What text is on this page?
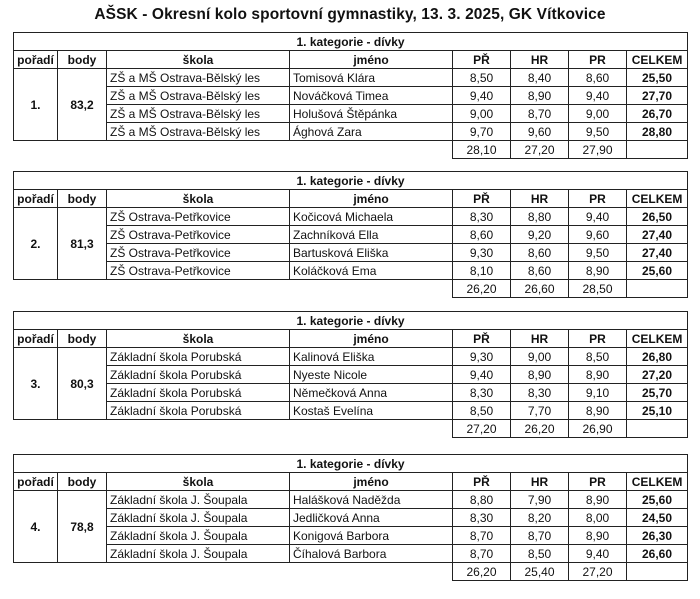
AŠSK - Okresní kolo sportovní gymnastiky, 13. 3. 2025, GK Vítkovice
1. kategorie - dívky							
pořadí	body	škola	jméno	PŘ	HR	PR	CELKEM
1.	83,2	ZŠ a MŠ Ostrava-Bělský les	Tomisová Klára	8,50	8,40	8,60	25,50
		ZŠ a MŠ Ostrava-Bělský les	Nováčková Timea	9,40	8,90	9,40	27,70
		ZŠ a MŠ Ostrava-Bělský les	Holušová Štěpánka	9,00	8,70	9,00	26,70
		ZŠ a MŠ Ostrava-Bělský les	Ághová Zara	9,70	9,60	9,50	28,80
				28,10	27,20	27,90	
1. kategorie - dívky							
pořadí	body	škola	jméno	PŘ	HR	PR	CELKEM
2.	81,3	ZŠ Ostrava-Petřkovice	Kočicová Michaela	8,30	8,80	9,40	26,50
		ZŠ Ostrava-Petřkovice	Zachníková Ella	8,60	9,20	9,60	27,40
		ZŠ Ostrava-Petřkovice	Bartusková Eliška	9,30	8,60	9,50	27,40
		ZŠ Ostrava-Petřkovice	Koláčková Ema	8,10	8,60	8,90	25,60
				26,20	26,60	28,50	
1. kategorie - dívky							
pořadí	body	škola	jméno	PŘ	HR	PR	CELKEM
3.	80,3	Základní škola Porubská	Kalinová Eliška	9,30	9,00	8,50	26,80
		Základní škola Porubská	Nyeste Nicole	9,40	8,90	8,90	27,20
		Základní škola Porubská	Němečková Anna	8,30	8,30	9,10	25,70
		Základní škola Porubská	Kostaš Evelína	8,50	7,70	8,90	25,10
				27,20	26,20	26,90	
1. kategorie - dívky							
pořadí	body	škola	jméno	PŘ	HR	PR	CELKEM
4.	78,8	Základní škola J. Šoupala	Halášková Naděžda	8,80	7,90	8,90	25,60
		Základní škola J. Šoupala	Jedličková Anna	8,30	8,20	8,00	24,50
		Základní škola J. Šoupala	Konigová Barbora	8,70	8,70	8,90	26,30
		Základní škola J. Šoupala	Číhalová Barbora	8,70	8,50	9,40	26,60
				26,20	25,40	27,20	
